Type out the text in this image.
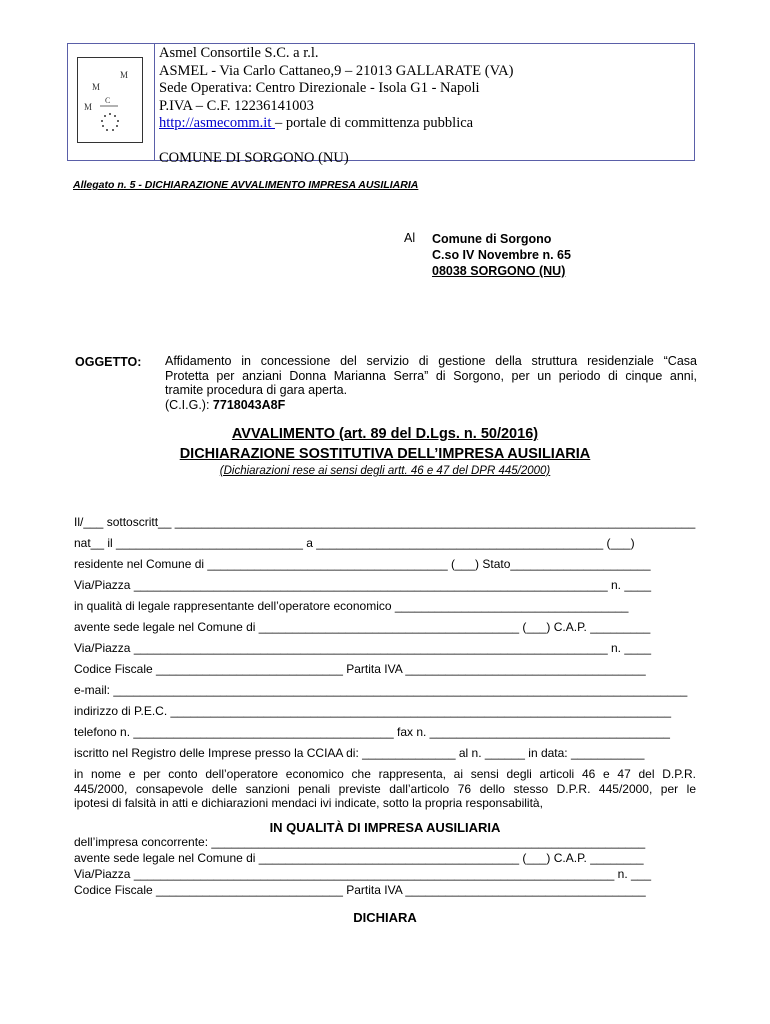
M
M
M
C
Asmel Consortile S.C. a r.l.
ASMEL - Via Carlo Cattaneo,9 – 21013 GALLARATE (VA)
Sede Operativa: Centro Direzionale - Isola G1 - Napoli
P.IVA – C.F. 12236141003
http://asmecomm.it – portale di committenza pubblica
COMUNE DI SORGONO (NU)
Allegato n. 5 - DICHIARAZIONE AVVALIMENTO IMPRESA AUSILIARIA
Al Comune di Sorgono
C.so IV Novembre n. 65
08038 SORGONO (NU)
OGGETTO: Affidamento in concessione del servizio di gestione della struttura residenziale “Casa
Protetta per anziani Donna Marianna Serra” di Sorgono, per un periodo di cinque anni,
tramite procedura di gara aperta.
(C.I.G.): 7718043A8F
AVVALIMENTO (art. 89 del D.Lgs. n. 50/2016)
DICHIARAZIONE SOSTITUTIVA DELL’IMPRESA AUSILIARIA
(Dichiarazioni rese ai sensi degli artt. 46 e 47 del DPR 445/2000)
Il/___ sottoscritt__ ______________________________________________________________________________
nat__ il ____________________________ a ___________________________________________ (___)
residente nel Comune di ____________________________________ (___) Stato_____________________
Via/Piazza _______________________________________________________________________ n. ____
in qualità di legale rappresentante dell’operatore economico ___________________________________
avente sede legale nel Comune di _______________________________________ (___) C.A.P. _________
Via/Piazza _______________________________________________________________________ n. ____
Codice Fiscale ____________________________ Partita IVA ____________________________________
e-mail: ______________________________________________________________________________________
indirizzo di P.E.C. ___________________________________________________________________________
telefono n. _______________________________________ fax n. ____________________________________
iscritto nel Registro delle Imprese presso la CCIAA di: ______________ al n. ______ in data: ___________
in nome e per conto dell’operatore economico che rappresenta, ai sensi degli articoli 46 e 47 del D.P.R.
445/2000, consapevole delle sanzioni penali previste dall’articolo 76 dello stesso D.P.R. 445/2000, per le
ipotesi di falsità in atti e dichiarazioni mendaci ivi indicate, sotto la propria responsabilità,
IN QUALITÀ DI IMPRESA AUSILIARIA
dell’impresa concorrente: _________________________________________________________________
avente sede legale nel Comune di _______________________________________ (___) C.A.P. ________
Via/Piazza ________________________________________________________________________ n. ___
Codice Fiscale ____________________________ Partita IVA ____________________________________
DICHIARA
